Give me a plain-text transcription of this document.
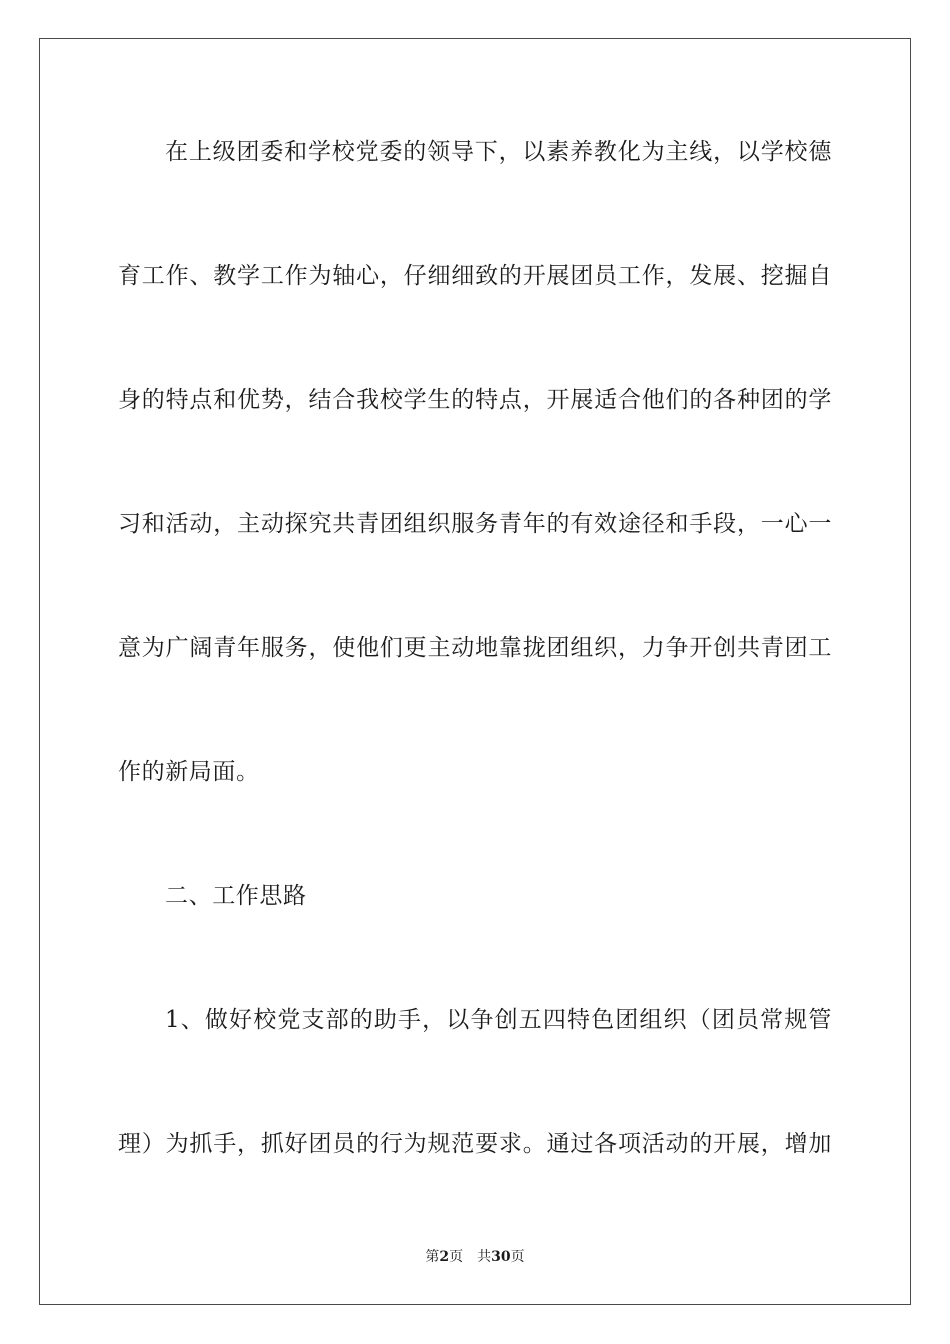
在上级团委和学校党委的领导下，以素养教化为主线，以学校德
育工作、教学工作为轴心，仔细细致的开展团员工作，发展、挖掘自
身的特点和优势，结合我校学生的特点，开展适合他们的各种团的学
习和活动，主动探究共青团组织服务青年的有效途径和手段，一心一
意为广阔青年服务，使他们更主动地靠拢团组织，力争开创共青团工
作的新局面。
二、工作思路
1、做好校党支部的助手，以争创五四特色团组织（团员常规管
理）为抓手，抓好团员的行为规范要求。通过各项活动的开展，增加
第2页 共30页
